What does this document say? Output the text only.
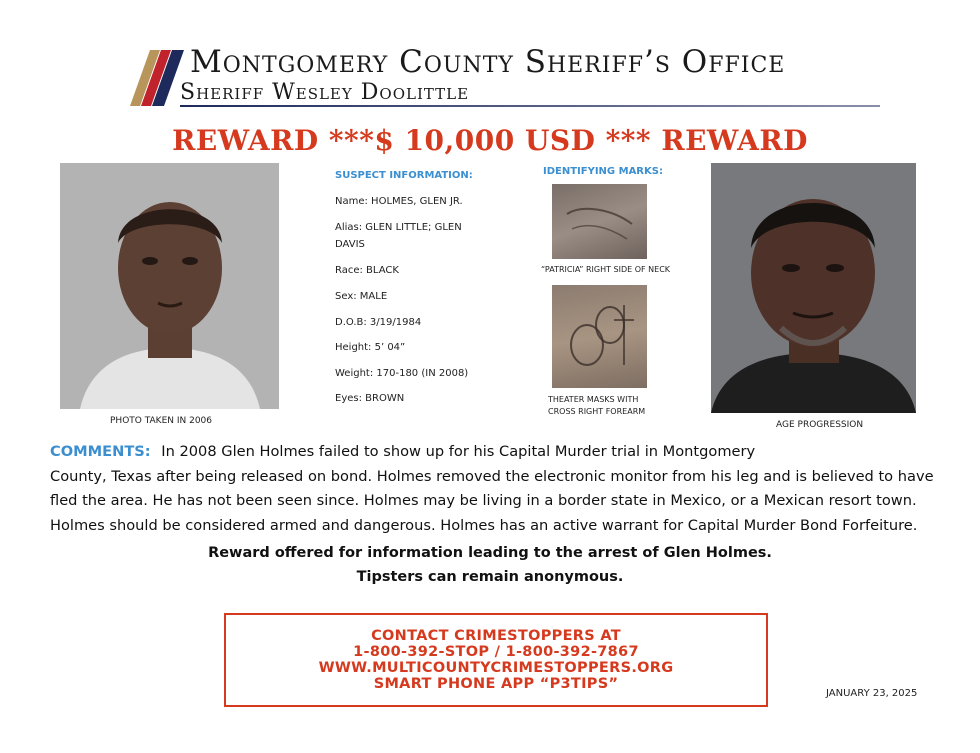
Montgomery County Sheriff’s Office
Sheriff Wesley Doolittle
REWARD ***$ 10,000 USD *** REWARD
PHOTO TAKEN IN 2006
SUSPECT INFORMATION:
Name: HOLMES, GLEN JR.
Alias: GLEN LITTLE; GLEN
DAVIS
Race: BLACK
Sex: MALE
D.O.B: 3/19/1984
Height: 5’ 04”
Weight: 170-180 (IN 2008)
Eyes: BROWN
IDENTIFYING MARKS:
“PATRICIA” RIGHT SIDE OF NECK
THEATER MASKS WITH CROSS RIGHT FOREARM
AGE PROGRESSION
COMMENTS: In 2008 Glen Holmes failed to show up for his Capital Murder trial in Montgomery
County, Texas after being released on bond. Holmes removed the electronic monitor from his leg and is believed to have fled the area. He has not been seen since. Holmes may be living in a border state in Mexico, or a Mexican resort town. Holmes should be considered armed and dangerous. Holmes has an active warrant for Capital Murder Bond Forfeiture.
Reward offered for information leading to the arrest of Glen Holmes.
Tipsters can remain anonymous.
CONTACT CRIMESTOPPERS AT
1-800-392-STOP / 1-800-392-7867
WWW.MULTICOUNTYCRIMESTOPPERS.ORG
SMART PHONE APP “P3TIPS”
JANUARY 23, 2025
